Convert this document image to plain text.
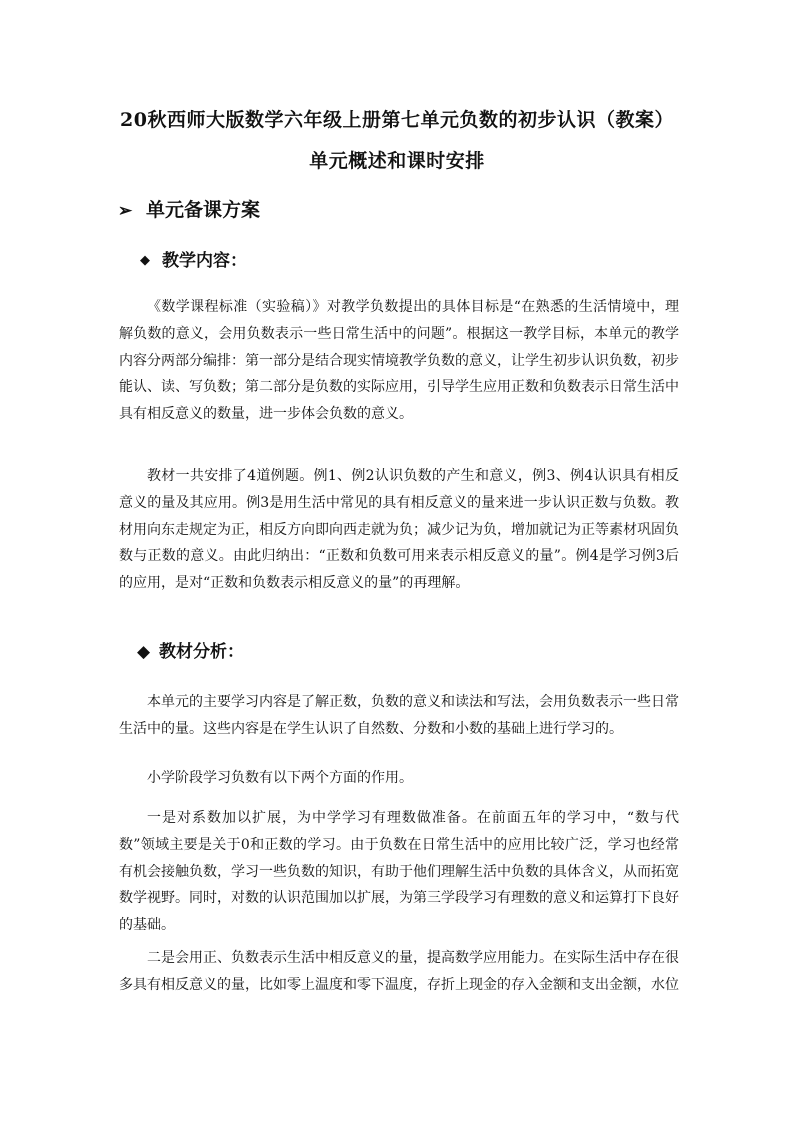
20秋西师大版数学六年级上册第七单元负数的初步认识（教案）
单元概述和课时安排
➢ 单元备课方案
◆ 教学内容：

《数学课程标准（实验稿）》对教学负数提出的具体目标是“在熟悉的生活情境中，理解负数的意义，会用负数表示一些日常生活中的问题”。根据这一教学目标，本单元的教学内容分两部分编排：第一部分是结合现实情境教学负数的意义，让学生初步认识负数，初步能认、读、写负数；第二部分是负数的实际应用，引导学生应用正数和负数表示日常生活中具有相反意义的数量，进一步体会负数的意义。

教材一共安排了4道例题。例1、例2认识负数的产生和意义，例3、例4认识具有相反意义的量及其应用。例3是用生活中常见的具有相反意义的量来进一步认识正数与负数。教材用向东走规定为正，相反方向即向西走就为负；减少记为负，增加就记为正等素材巩固负数与正数的意义。由此归纳出：“正数和负数可用来表示相反意义的量”。例4是学习例3后的应用，是对“正数和负数表示相反意义的量”的再理解。

◆ 教材分析：

本单元的主要学习内容是了解正数，负数的意义和读法和写法，会用负数表示一些日常生活中的量。这些内容是在学生认识了自然数、分数和小数的基础上进行学习的。

小学阶段学习负数有以下两个方面的作用。

一是对系数加以扩展，为中学学习有理数做准备。在前面五年的学习中，“数与代数”领域主要是关于0和正数的学习。由于负数在日常生活中的应用比较广泛，学习也经常有机会接触负数，学习一些负数的知识，有助于他们理解生活中负数的具体含义，从而拓宽数学视野。同时，对数的认识范围加以扩展，为第三学段学习有理数的意义和运算打下良好的基础。

二是会用正、负数表示生活中相反意义的量，提高数学应用能力。在实际生活中存在很多具有相反意义的量，比如零上温度和零下温度，存折上现金的存入金额和支出金额，水位
